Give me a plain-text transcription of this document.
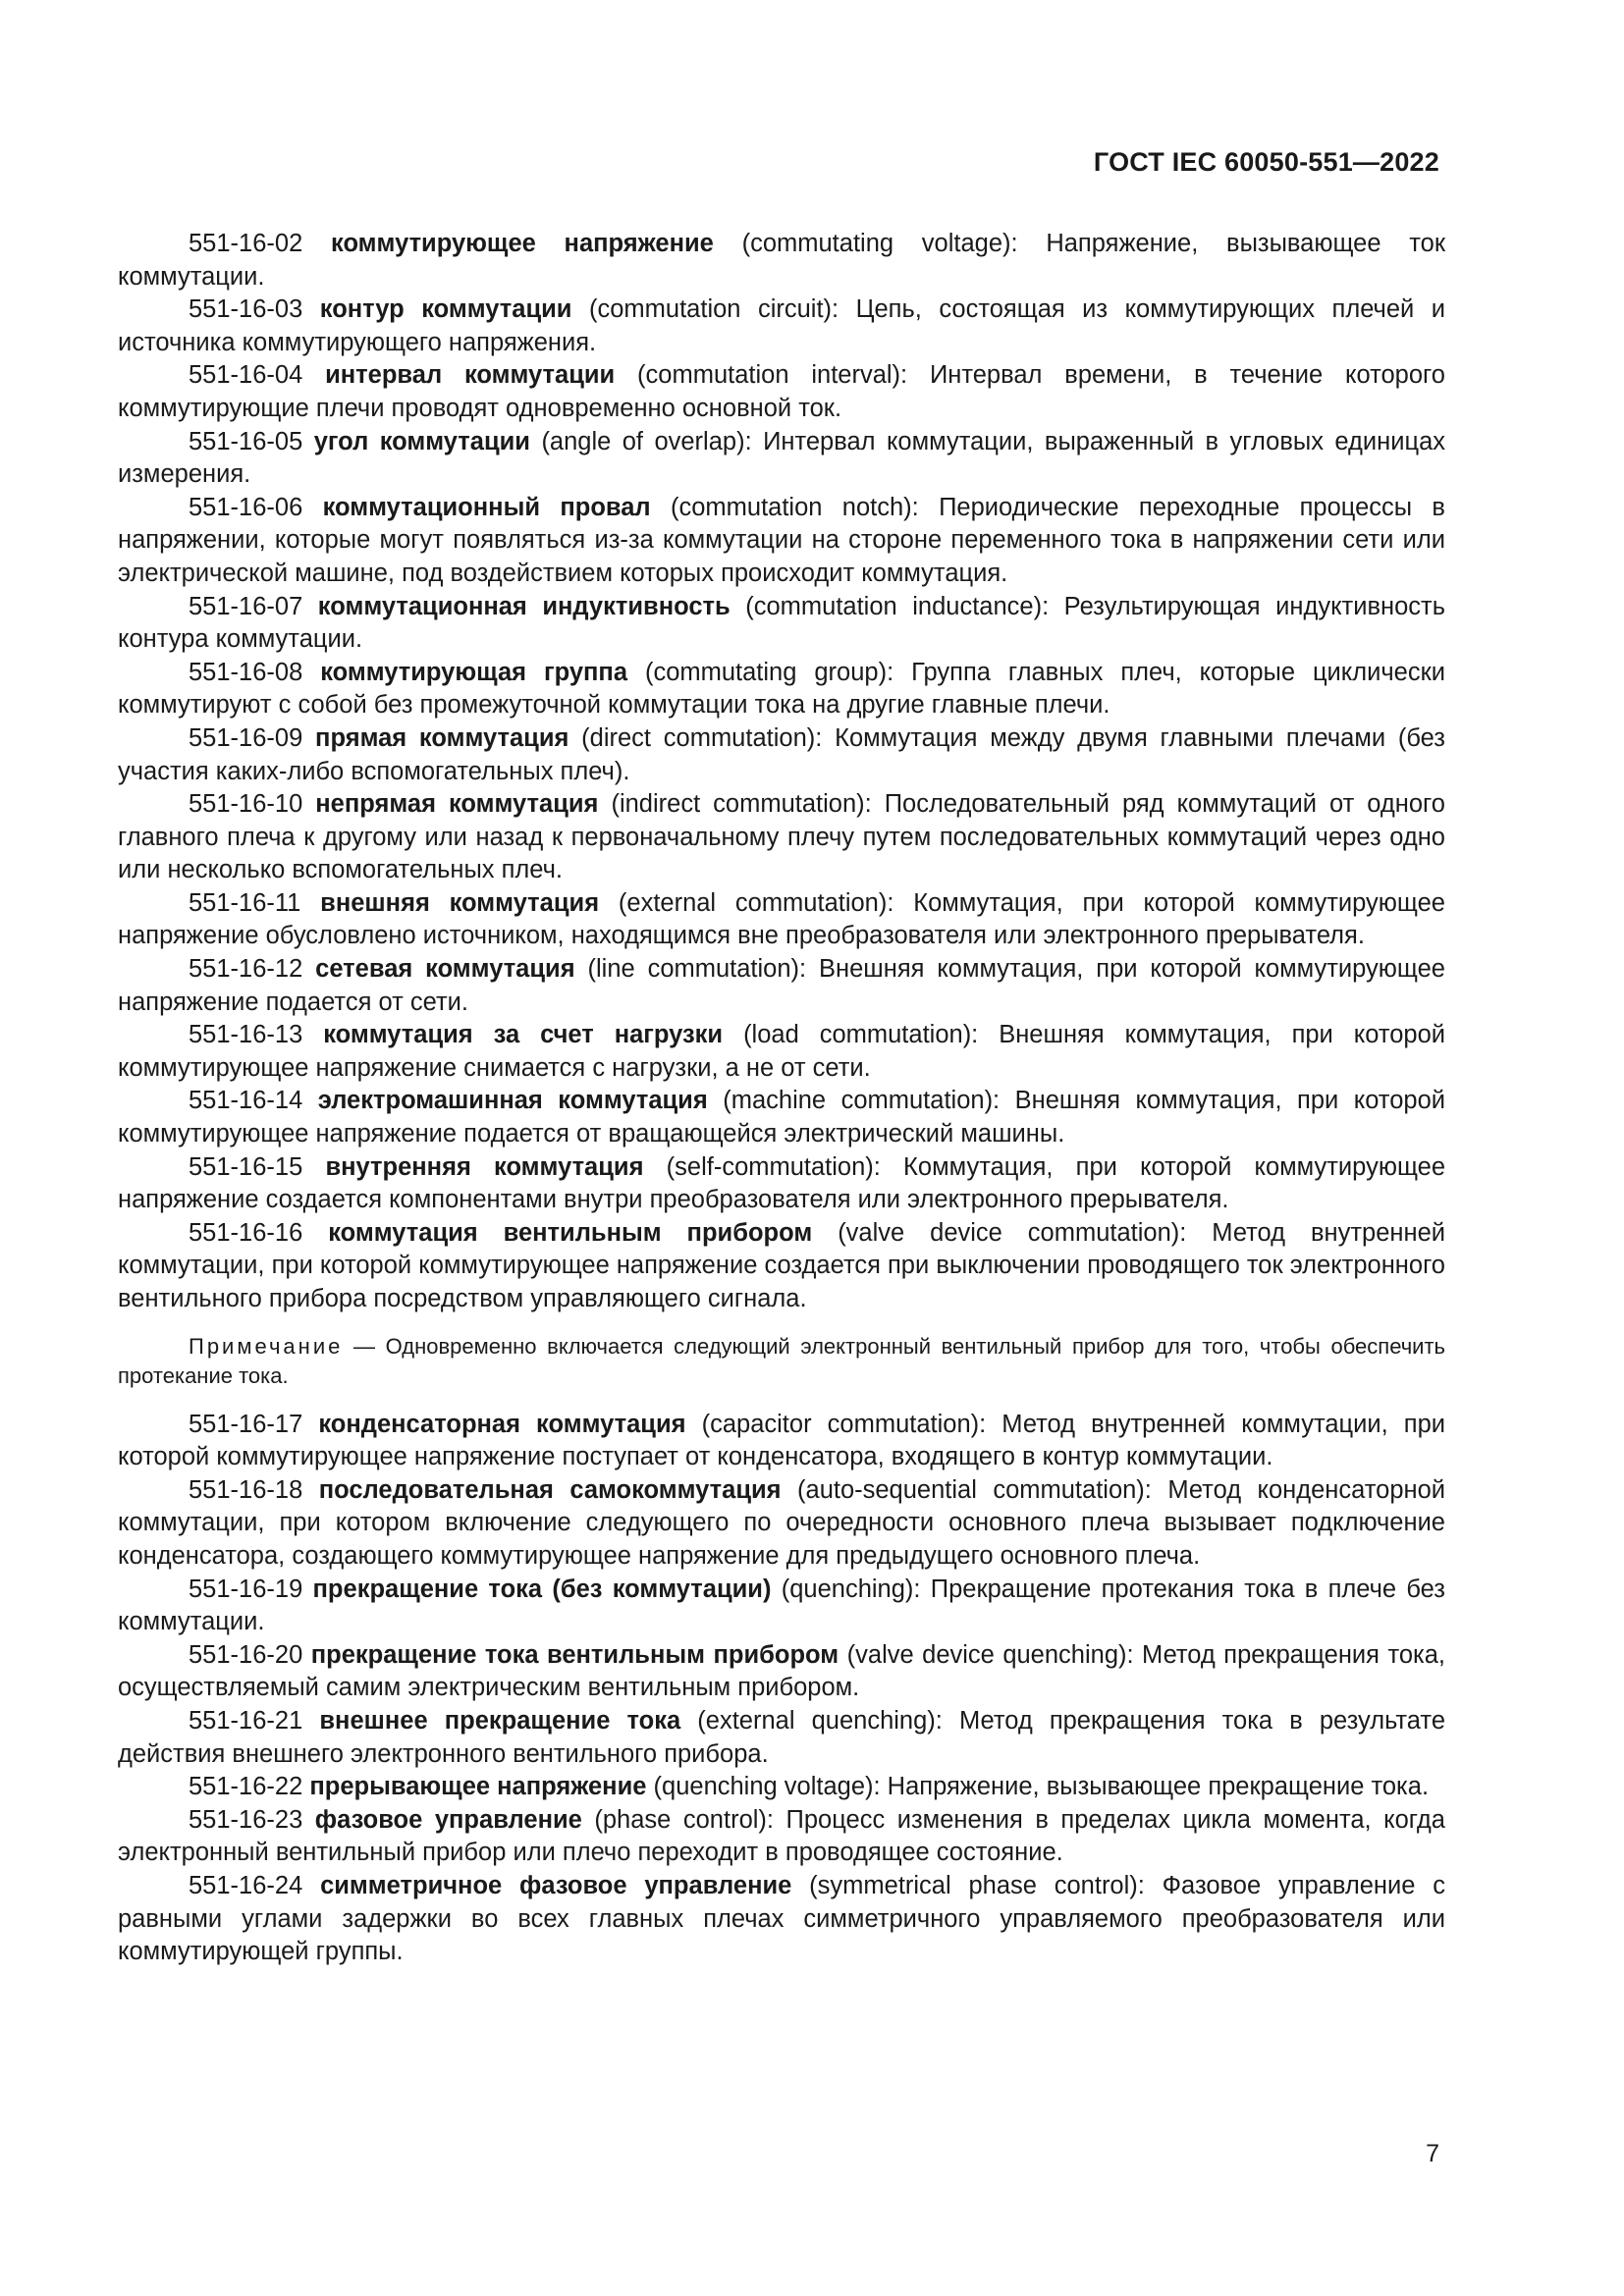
ГОСТ IEC 60050-551—2022

551-16-02 коммутирующее напряжение (commutating voltage): Напряжение, вызывающее ток коммутации.

551-16-03 контур коммутации (commutation circuit): Цепь, состоящая из коммутирующих плечей и источника коммутирующего напряжения.

551-16-04 интервал коммутации (commutation interval): Интервал времени, в течение которого коммутирующие плечи проводят одновременно основной ток.

551-16-05 угол коммутации (angle of overlap): Интервал коммутации, выраженный в угловых единицах измерения.

551-16-06 коммутационный провал (commutation notch): Периодические переходные процессы в напряжении, которые могут появляться из-за коммутации на стороне переменного тока в напряжении сети или электрической машине, под воздействием которых происходит коммутация.

551-16-07 коммутационная индуктивность (commutation inductance): Результирующая индуктивность контура коммутации.

551-16-08 коммутирующая группа (commutating group): Группа главных плеч, которые циклически коммутируют с собой без промежуточной коммутации тока на другие главные плечи.

551-16-09 прямая коммутация (direct commutation): Коммутация между двумя главными плечами (без участия каких-либо вспомогательных плеч).

551-16-10 непрямая коммутация (indirect commutation): Последовательный ряд коммутаций от одного главного плеча к другому или назад к первоначальному плечу путем последовательных коммутаций через одно или несколько вспомогательных плеч.

551-16-11 внешняя коммутация (external commutation): Коммутация, при которой коммутирующее напряжение обусловлено источником, находящимся вне преобразователя или электронного прерывателя.

551-16-12 сетевая коммутация (line commutation): Внешняя коммутация, при которой коммутирующее напряжение подается от сети.

551-16-13 коммутация за счет нагрузки (load commutation): Внешняя коммутация, при которой коммутирующее напряжение снимается с нагрузки, а не от сети.

551-16-14 электромашинная коммутация (machine commutation): Внешняя коммутация, при которой коммутирующее напряжение подается от вращающейся электрический машины.

551-16-15 внутренняя коммутация (self-commutation): Коммутация, при которой коммутирующее напряжение создается компонентами внутри преобразователя или электронного прерывателя.

551-16-16 коммутация вентильным прибором (valve device commutation): Метод внутренней коммутации, при которой коммутирующее напряжение создается при выключении проводящего ток электронного вентильного прибора посредством управляющего сигнала.

Примечание — Одновременно включается следующий электронный вентильный прибор для того, чтобы обеспечить протекание тока.

551-16-17 конденсаторная коммутация (capacitor commutation): Метод внутренней коммутации, при которой коммутирующее напряжение поступает от конденсатора, входящего в контур коммутации.

551-16-18 последовательная самокоммутация (auto-sequential commutation): Метод конденсаторной коммутации, при котором включение следующего по очередности основного плеча вызывает подключение конденсатора, создающего коммутирующее напряжение для предыдущего основного плеча.

551-16-19 прекращение тока (без коммутации) (quenching): Прекращение протекания тока в плече без коммутации.

551-16-20 прекращение тока вентильным прибором (valve device quenching): Метод прекращения тока, осуществляемый самим электрическим вентильным прибором.

551-16-21 внешнее прекращение тока (external quenching): Метод прекращения тока в результате действия внешнего электронного вентильного прибора.

551-16-22 прерывающее напряжение (quenching voltage): Напряжение, вызывающее прекращение тока.

551-16-23 фазовое управление (phase control): Процесс изменения в пределах цикла момента, когда электронный вентильный прибор или плечо переходит в проводящее состояние.

551-16-24 симметричное фазовое управление (symmetrical phase control): Фазовое управление с равными углами задержки во всех главных плечах симметричного управляемого преобразователя или коммутирующей группы.

7
